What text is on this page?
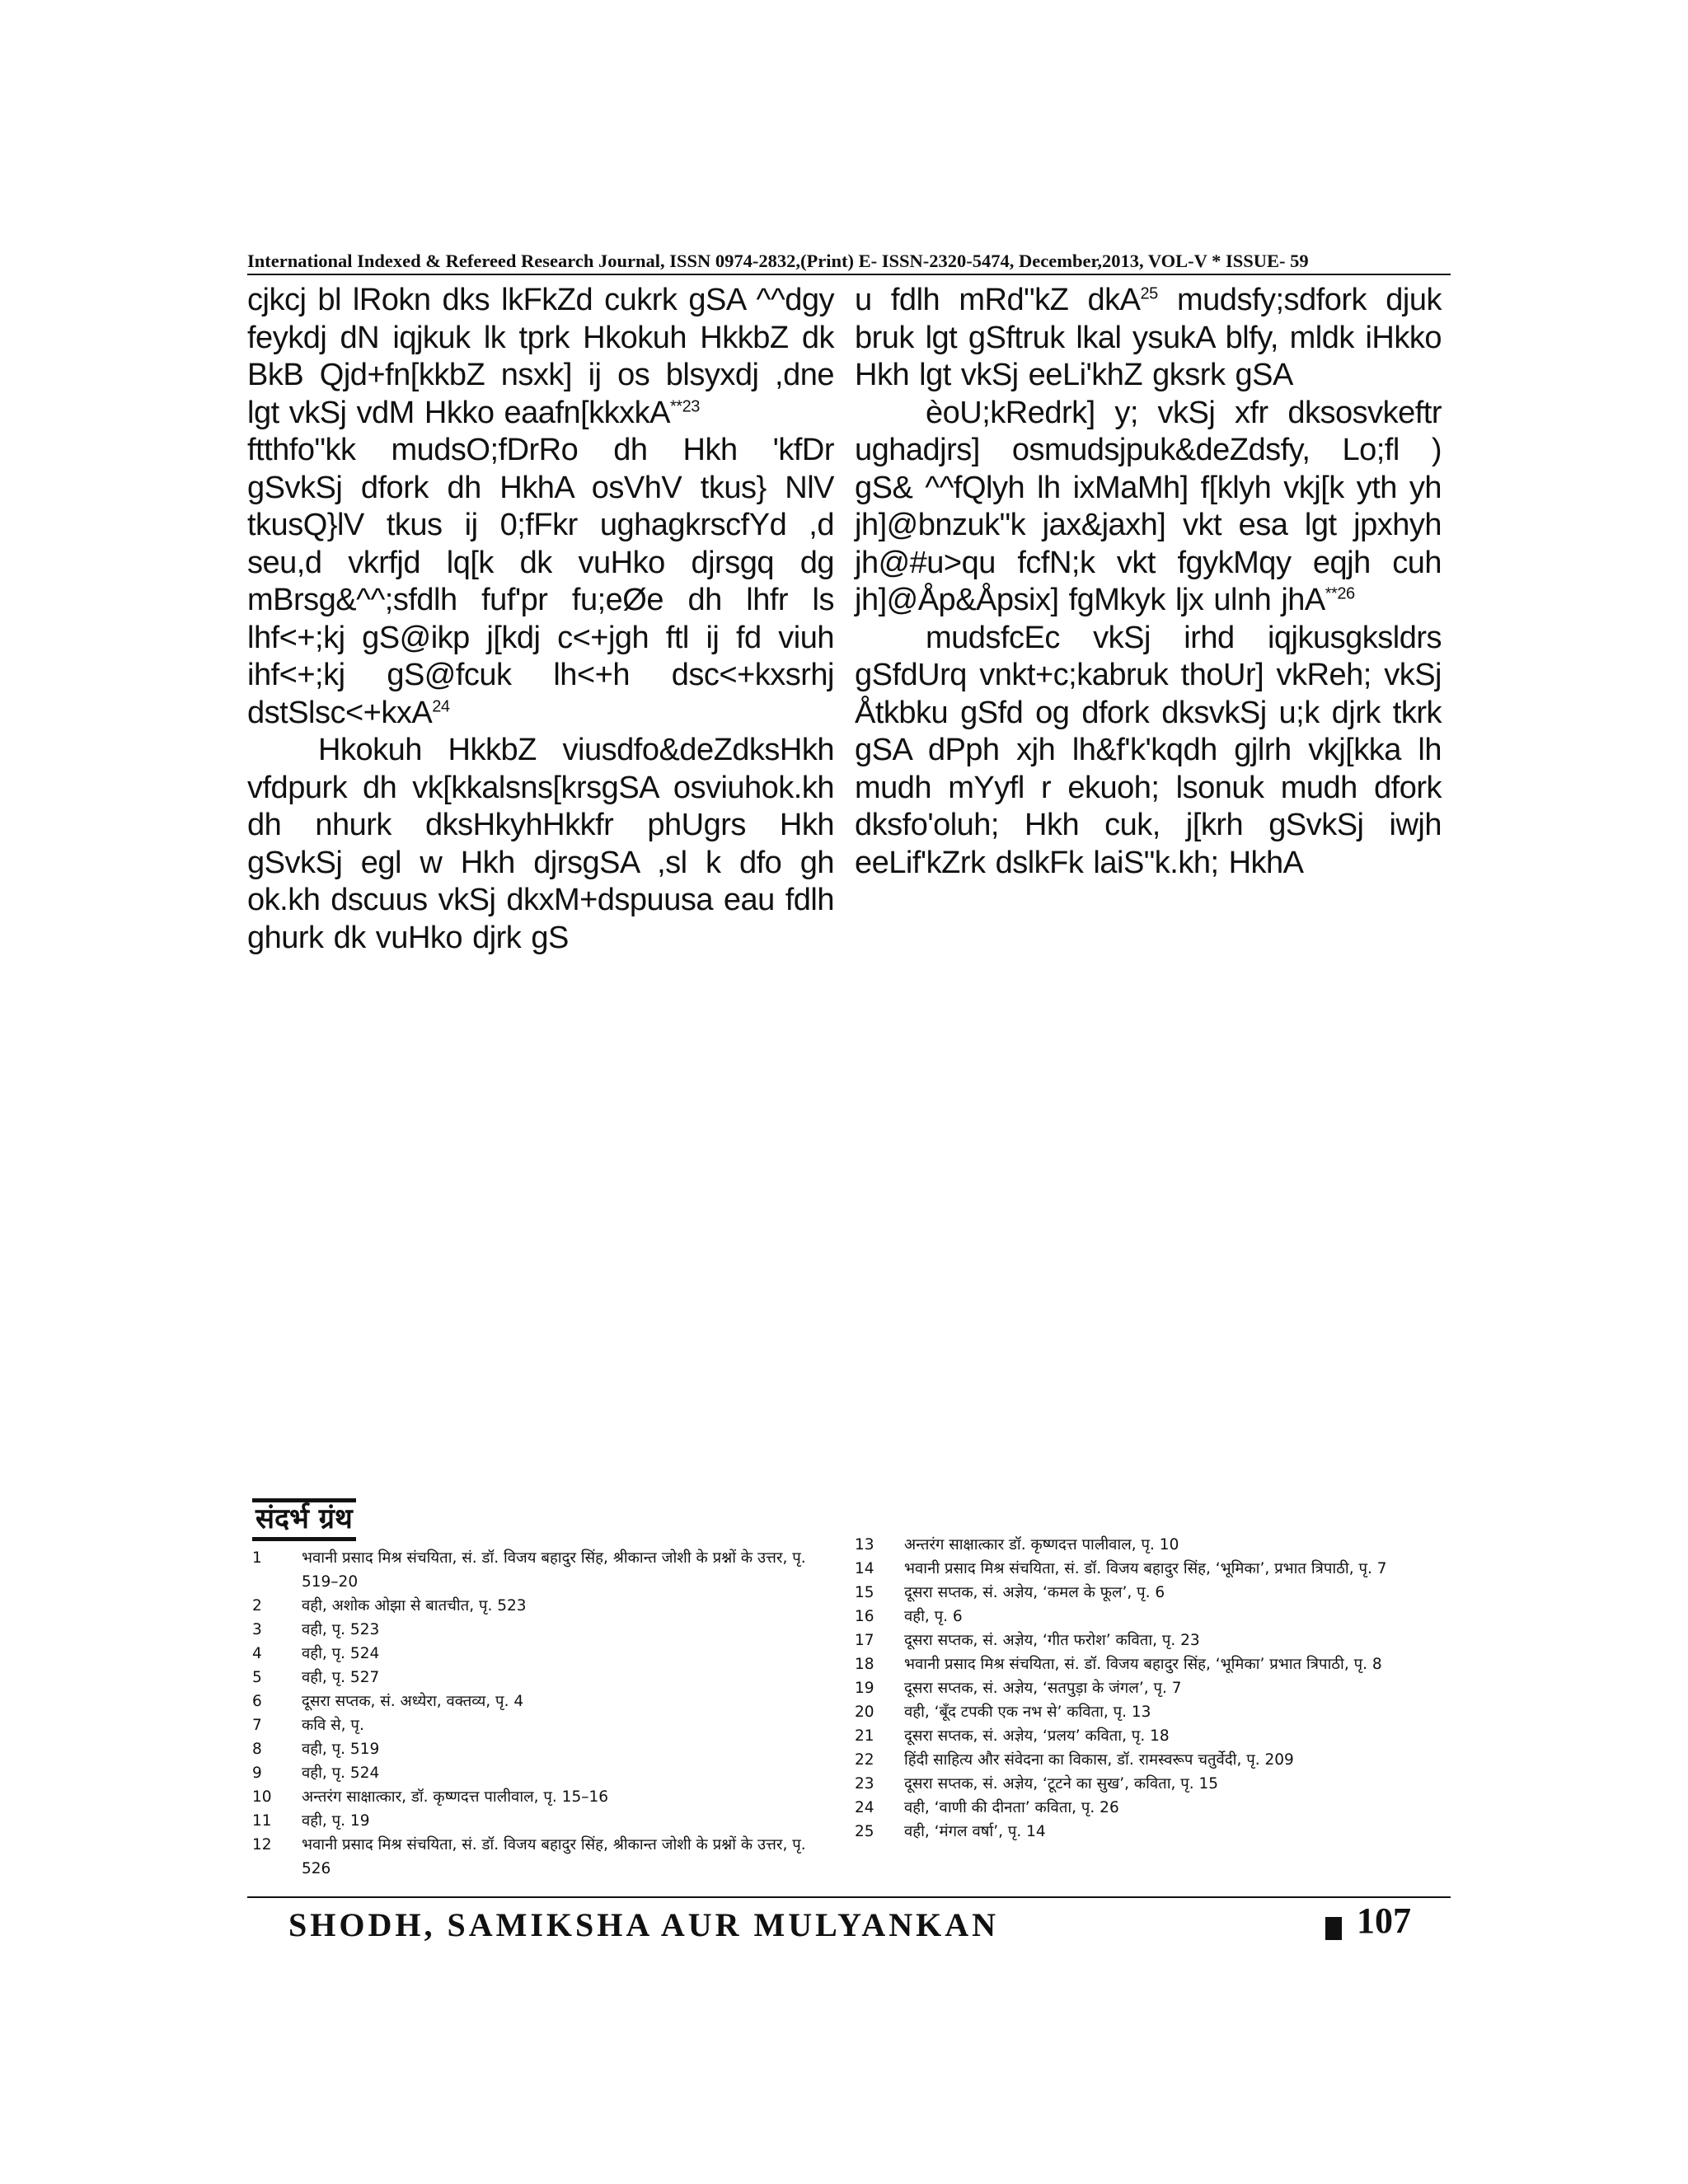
International Indexed & Refereed Research Journal, ISSN 0974-2832,(Print) E- ISSN-2320-5474, December,2013, VOL-V * ISSUE- 59

cjkcj bl lRokn dks lkFkZd cukrk gSA ^^dgy feykdj dN iqjkuk lk tprk Hkokuh HkkbZ dk BkB Qjd+fn[kkbZ nsxk] ij os blsyxdj ,dne lgt vkSj vdM Hkko eaafn[kkxkA$^{**23}$

ftthfo"kk mudsO;fDrRo dh Hkh 'kfDr gSvkSj dfork dh HkhA osVhV tkus} NlV tkusQ}lV tkus ij 0;fFkr ughagkrscfYd ,d seu,d vkrfjd lq[k dk vuHko djrsgq dg mBrsg&^^;sfdlh fuf'pr fu;eØe dh lhfr ls lhf<+;kj gS@ikp j[kdj c<+jgh ftl ij fd viuh ihf<+;kj gS@fcuk lh<+h dsc<+kxsrhj dstSlsc<+kxA$^{24}$

Hkokuh HkkbZ viusdfo&deZdksHkh vfdpurk dh vk[kkalsns[krsgSA osviuhok.kh dh nhurk dksHkyhHkkfr phUgrs Hkh gSvkSj egl w Hkh djrsgSA ,sl k dfo gh ok.kh dscuus vkSj dkxM+dspuusa eau fdlh ghurk dk vuHko djrk gS

u fdlh mRd"kZ dkA$^{25}$ mudsfy;sdfork djuk bruk lgt gSftruk lkal ysukA blfy, mldk iHkko Hkh lgt vkSj eeLi'khZ gksrk gSA

èoU;kRedrk] y; vkSj xfr dksosvkeftr ughadjrs] osmudsjpuk&deZdsfy, Lo;fl ) gS& ^^fQlyh lh ixMaMh] f[klyh vkj[k yth yh jh]@bnzuk"k jax&jaxh] vkt esa lgt jpxhyh jh@#u>qu fcfN;k vkt fgykMqy eqjh cuh jh]@Åp&Åpsix] fgMkyk ljx ulnh jhA$^{**26}$

mudsfcEc vkSj irhd iqjkusgksldrs gSfdUrq vnkt+c;kabruk thoUr] vkReh; vkSj Åtkbku gSfd og dfork dksvkSj u;k djrk tkrk gSA dPph xjh lh&f'k'kqdh gjlrh vkj[kka lh mudh mYyfl r ekuoh; lsonuk mudh dfork dksfo'oluh; Hkh cuk, j[krh gSvkSj iwjh eeLif'kZrk dslkFk laiS"k.kh; HkhA

संदर्भ ग्रंथ
1	भवानी प्रसाद मिश्र संचयिता, सं. डॉ. विजय बहादुर सिंह, श्रीकान्त जोशी के प्रश्नों के उत्तर, पृ. 519–20
2	वही, अशोक ओझा से बातचीत, पृ. 523
3	वही, पृ. 523
4	वही, पृ. 524
5	वही, पृ. 527
6	दूसरा सप्तक, सं. अध्येरा, वक्तव्य, पृ. 4
7	कवि से, पृ.
8	वही, पृ. 519
9	वही, पृ. 524
10 अन्तरंग साक्षात्कार, डॉ. कृष्णदत्त पालीवाल, पृ. 15–16
11 वही, पृ. 19
12 भवानी प्रसाद मिश्र संचयिता, सं. डॉ. विजय बहादुर सिंह, श्रीकान्त जोशी के प्रश्नों के उत्तर, पृ. 526
13 अन्तरंग साक्षात्कार डॉ. कृष्णदत्त पालीवाल, पृ. 10
14 भवानी प्रसाद मिश्र संचयिता, सं. डॉ. विजय बहादुर सिंह, ‘भूमिका’, प्रभात त्रिपाठी, पृ. 7
15 दूसरा सप्तक, सं. अज्ञेय, ‘कमल के फूल’, पृ. 6
16 वही, पृ. 6
17 दूसरा सप्तक, सं. अज्ञेय, ‘गीत फरोश’ कविता, पृ. 23
18 भवानी प्रसाद मिश्र संचयिता, सं. डॉ. विजय बहादुर सिंह, ‘भूमिका’ प्रभात त्रिपाठी, पृ. 8
19 दूसरा सप्तक, सं. अज्ञेय, ‘सतपुड़ा के जंगल’, पृ. 7
20 वही, ‘बूँद टपकी एक नभ से’ कविता, पृ. 13
21 दूसरा सप्तक, सं. अज्ञेय, ‘प्रलय’ कविता, पृ. 18
22 हिंदी साहित्य और संवेदना का विकास, डॉ. रामस्वरूप चतुर्वेदी, पृ. 209
23 दूसरा सप्तक, सं. अज्ञेय, ‘टूटने का सुख’, कविता, पृ. 15
24 वही, ‘वाणी की दीनता’ कविता, पृ. 26
25 वही, ‘मंगल वर्षा’, पृ. 14
SHODH, SAMIKSHA AUR MULYANKAN	107
